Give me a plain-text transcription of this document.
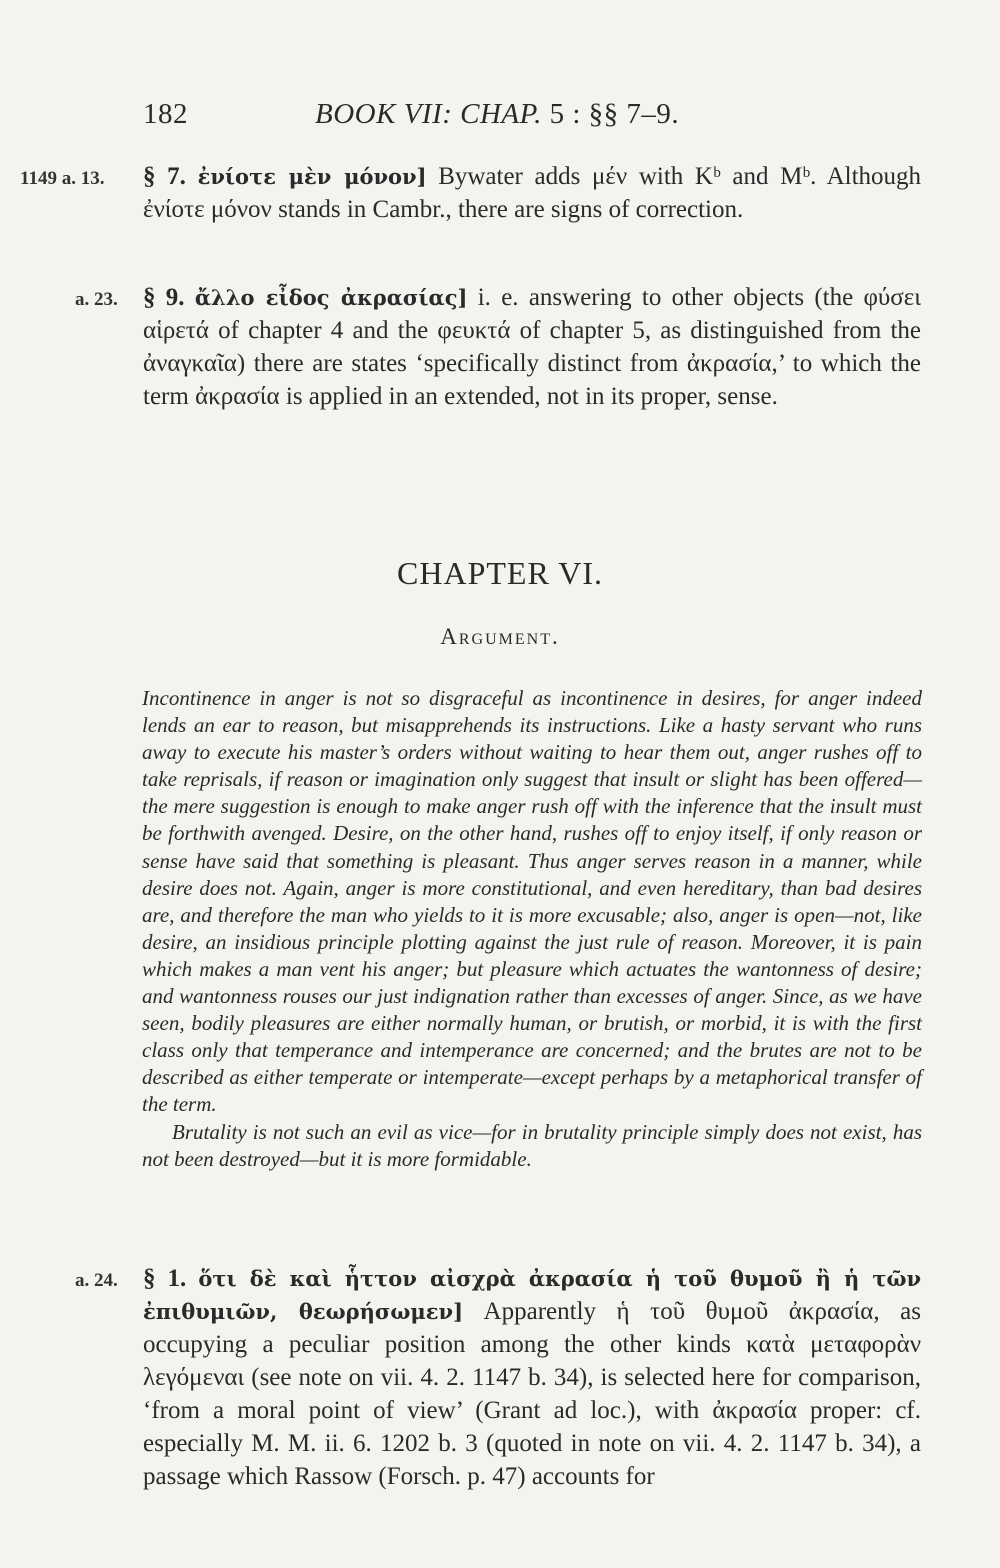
182	BOOK VII: CHAP. 5 : §§ 7–9.
1149 a. 13. § 7. ἐνίοτε μὲν μόνον] Bywater adds μέν with Kᵇ and Mᵇ. Although ἐνίοτε μόνον stands in Cambr., there are signs of correction.
a. 23. § 9. ἄλλο εἶδος ἀκρασίας] i. e. answering to other objects (the φύσει αἱρετά of chapter 4 and the φευκτά of chapter 5, as distinguished from the ἀναγκαῖα) there are states ‘specifically distinct from ἀκρασία,’ to which the term ἀκρασία is applied in an extended, not in its proper, sense.
CHAPTER VI.
Argument.

Incontinence in anger is not so disgraceful as incontinence in desires, for anger indeed lends an ear to reason, but misapprehends its instructions. Like a hasty servant who runs away to execute his master’s orders without waiting to hear them out, anger rushes off to take reprisals, if reason or imagination only suggest that insult or slight has been offered—the mere suggestion is enough to make anger rush off with the inference that the insult must be forthwith avenged. Desire, on the other hand, rushes off to enjoy itself, if only reason or sense have said that something is pleasant. Thus anger serves reason in a manner, while desire does not. Again, anger is more constitutional, and even hereditary, than bad desires are, and therefore the man who yields to it is more excusable; also, anger is open—not, like desire, an insidious principle plotting against the just rule of reason. Moreover, it is pain which makes a man vent his anger; but pleasure which actuates the wantonness of desire; and wantonness rouses our just indignation rather than excesses of anger. Since, as we have seen, bodily pleasures are either normally human, or brutish, or morbid, it is with the first class only that temperance and intemperance are concerned; and the brutes are not to be described as either temperate or intemperate—except perhaps by a metaphorical transfer of the term.

Brutality is not such an evil as vice—for in brutality principle simply does not exist, has not been destroyed—but it is more formidable.

a. 24. § 1. ὅτι δὲ καὶ ἧττον αἰσχρὰ ἀκρασία ἡ τοῦ θυμοῦ ἢ ἡ τῶν ἐπιθυμιῶν, θεωρήσωμεν] Apparently ἡ τοῦ θυμοῦ ἀκρασία, as occupying a peculiar position among the other kinds κατὰ μεταφορὰν λεγόμεναι (see note on vii. 4. 2. 1147 b. 34), is selected here for comparison, ‘from a moral point of view’ (Grant ad loc.), with ἀκρασία proper: cf. especially M. M. ii. 6. 1202 b. 3 (quoted in note on vii. 4. 2. 1147 b. 34), a passage which Rassow (Forsch. p. 47) accounts for
